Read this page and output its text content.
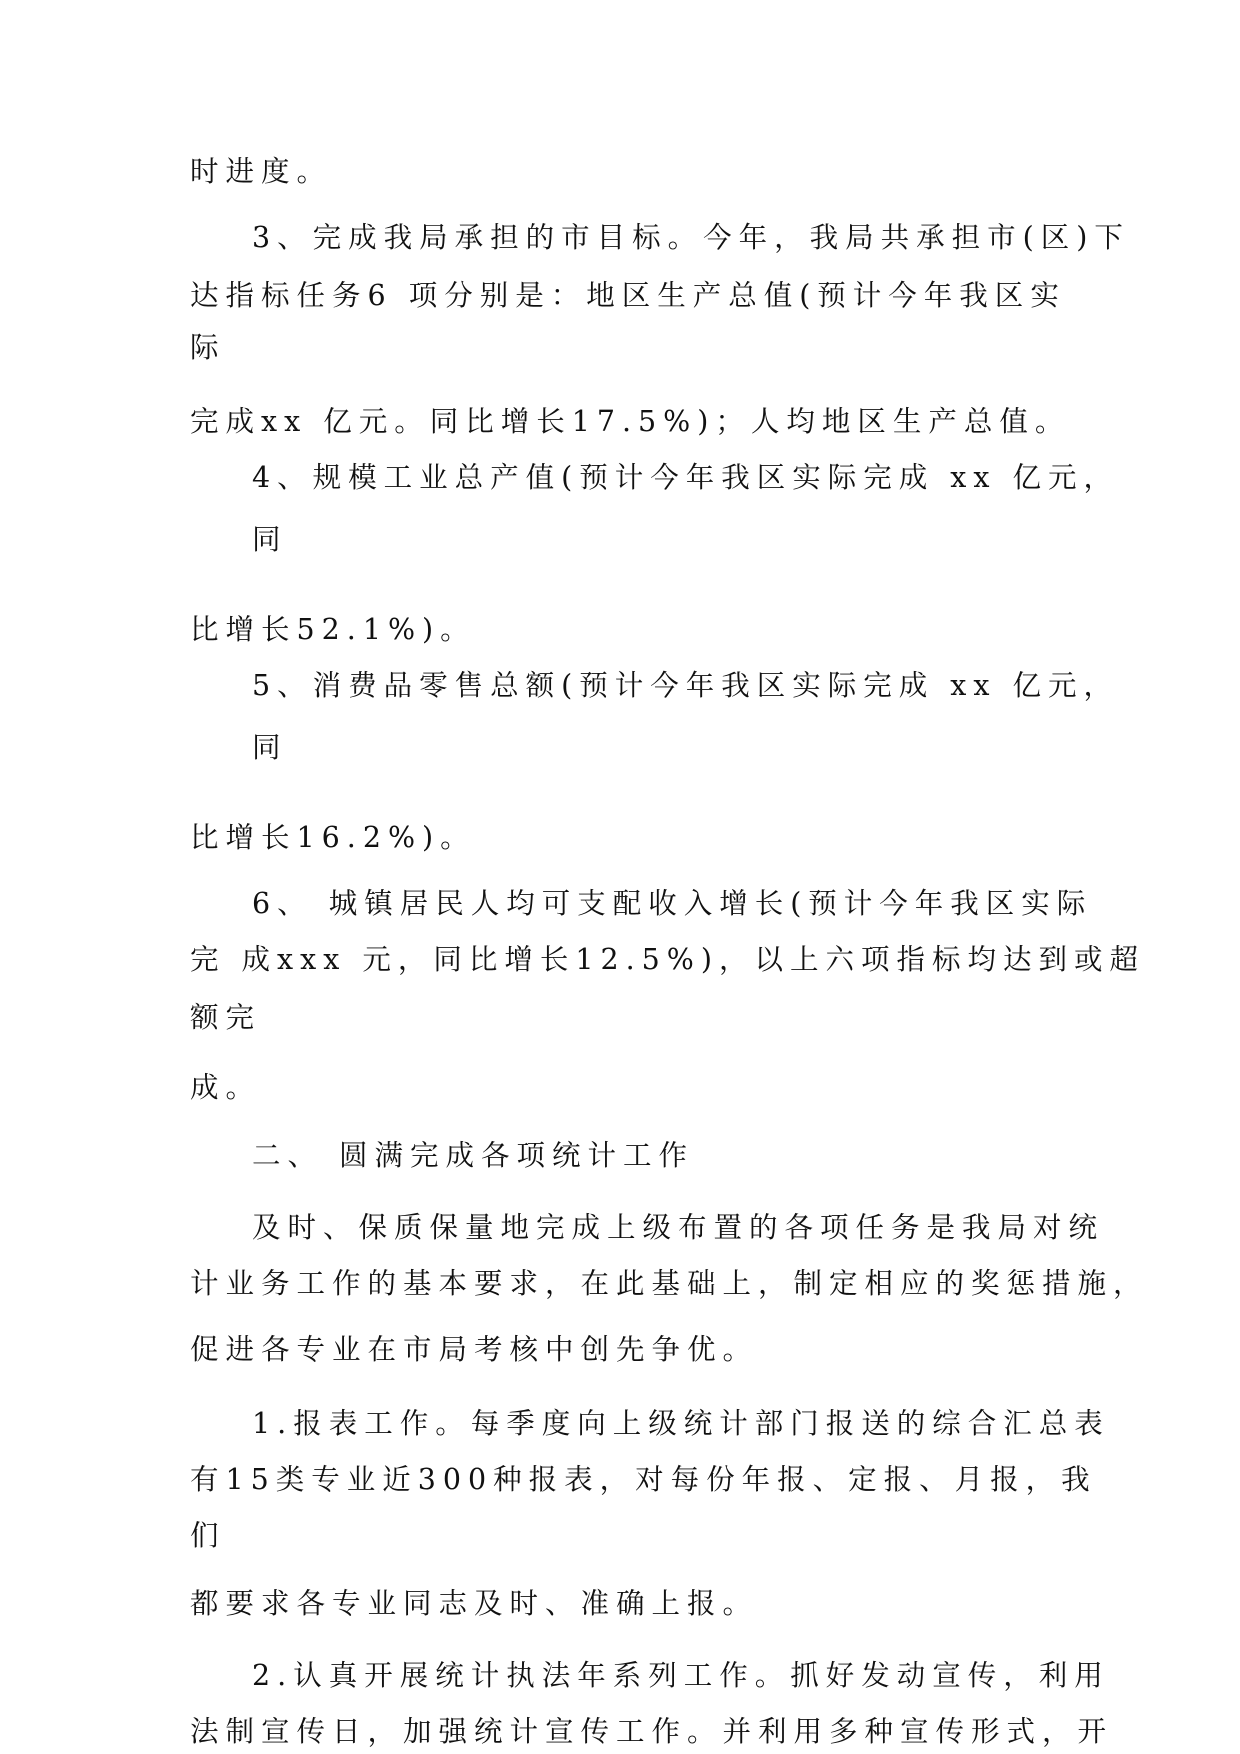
时进度。

3、完成我局承担的市目标。今年，我局共承担市(区)下

达指标任务6 项分别是：地区生产总值(预计今年我区实

际

完成xx 亿元。同比增长17.5%)；人均地区生产总值。

4、规模工业总产值(预计今年我区实际完成 xx 亿元，

同

比增长52.1%)。

5、消费品零售总额(预计今年我区实际完成 xx 亿元，

同

比增长16.2%)。

6、 城镇居民人均可支配收入增长(预计今年我区实际

完 成xxx 元，同比增长12.5%)，以上六项指标均达到或超

额完

成。

二、 圆满完成各项统计工作

及时、保质保量地完成上级布置的各项任务是我局对统

计业务工作的基本要求，在此基础上，制定相应的奖惩措施，

促进各专业在市局考核中创先争优。

1.报表工作。每季度向上级统计部门报送的综合汇总表

有15类专业近300种报表，对每份年报、定报、月报，我

们

都要求各专业同志及时、准确上报。

2.认真开展统计执法年系列工作。抓好发动宣传，利用

法制宣传日，加强统计宣传工作。并利用多种宣传形式，开
